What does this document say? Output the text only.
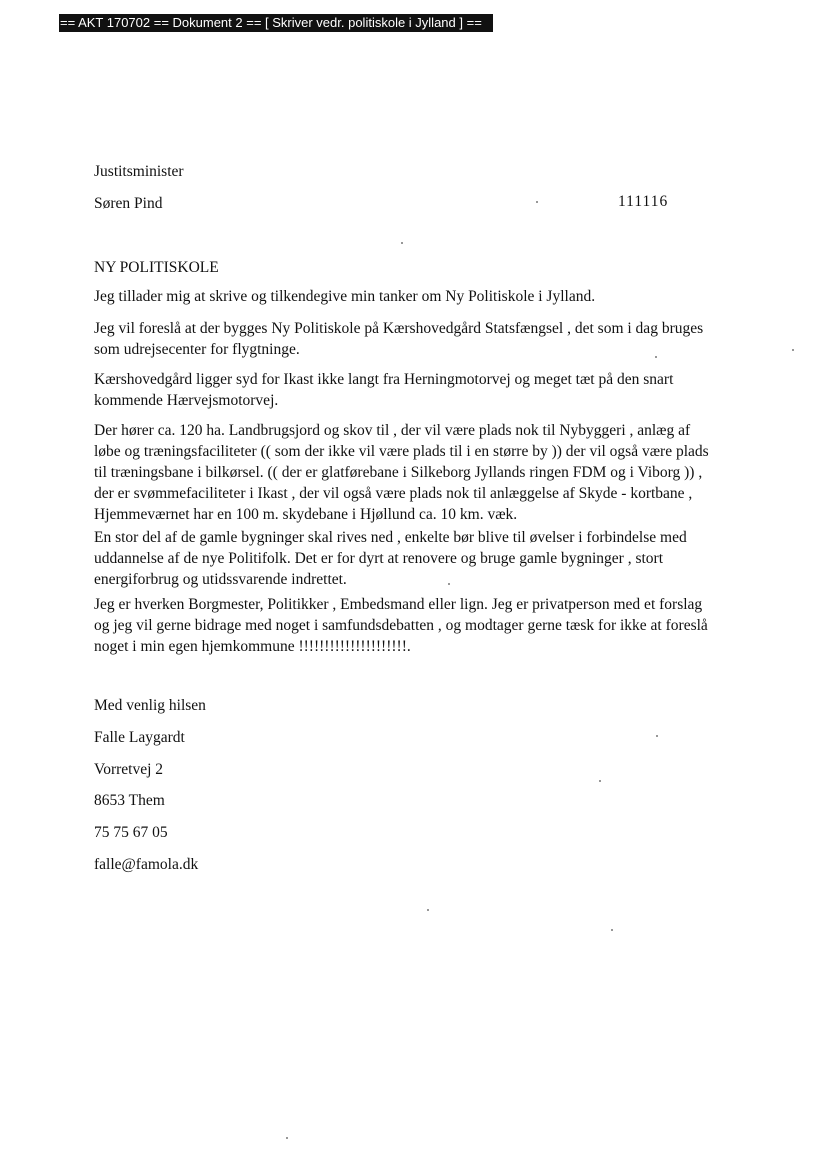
== AKT 170702 == Dokument 2 == [ Skriver vedr. politiskole i Jylland ] ==
Justitsminister
Søren Pind	111116
NY POLITISKOLE
Jeg tillader mig at skrive og tilkendegive min tanker om Ny Politiskole i Jylland.
Jeg vil foreslå at der bygges Ny Politiskole på Kærshovedgård Statsfængsel , det som i dag bruges
som udrejsecenter for flygtninge.
Kærshovedgård ligger syd for Ikast ikke langt fra Herningmotorvej og meget tæt på den snart
kommende Hærvejsmotorvej.
Der hører ca. 120 ha. Landbrugsjord og skov til , der vil være plads nok til Nybyggeri , anlæg af
løbe og træningsfaciliteter (( som der ikke vil være plads til i en større by )) der vil også være plads
til træningsbane i bilkørsel. (( der er glatførebane i Silkeborg Jyllands ringen FDM og i Viborg )) ,
der er svømmefaciliteter i Ikast , der vil også være plads nok til anlæggelse af Skyde - kortbane ,
Hjemmeværnet har en 100 m. skydebane i Hjøllund ca. 10 km. væk.
En stor del af de gamle bygninger skal rives ned , enkelte bør blive til øvelser i forbindelse med
uddannelse af de nye Politifolk. Det er for dyrt at renovere og bruge gamle bygninger , stort
energiforbrug og utidssvarende indrettet.
Jeg er hverken Borgmester, Politikker , Embedsmand eller lign. Jeg er privatperson med et forslag
og jeg vil gerne bidrage med noget i samfundsdebatten , og modtager gerne tæsk for ikke at foreslå
noget i min egen hjemkommune !!!!!!!!!!!!!!!!!!!!!.
Med venlig hilsen
Falle Laygardt
Vorretvej 2
8653 Them
75 75 67 05
falle@famola.dk
